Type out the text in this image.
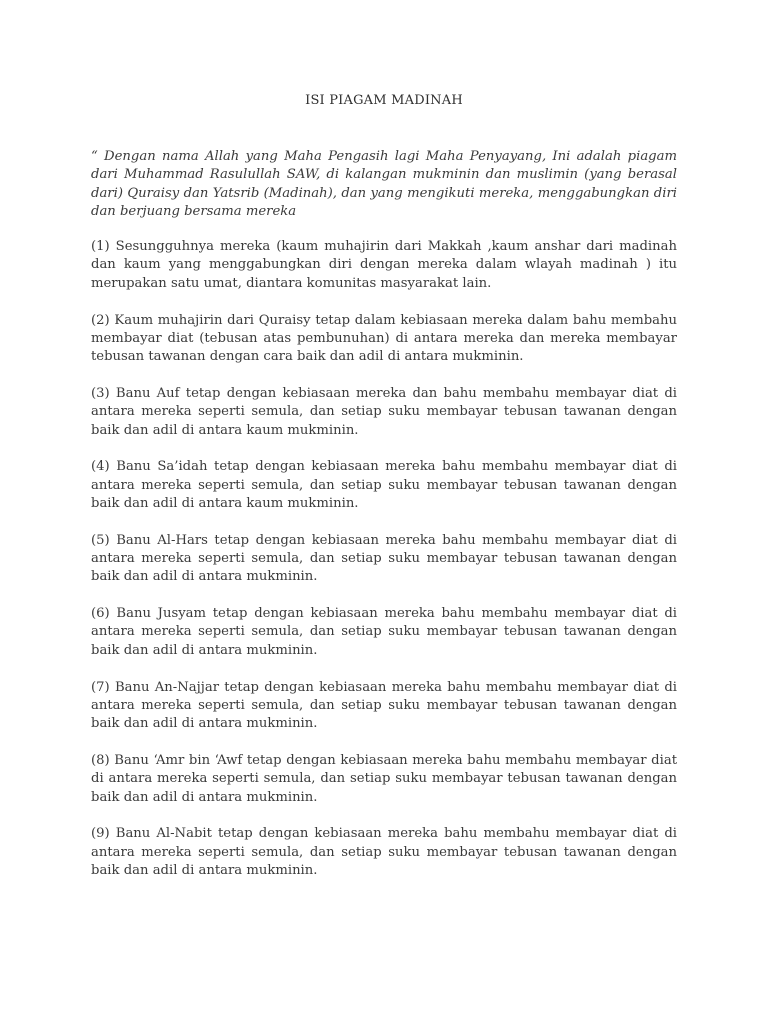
ISI PIAGAM MADINAH

“ Dengan nama Allah yang Maha Pengasih lagi Maha Penyayang, Ini adalah piagam dari Muhammad Rasulullah SAW, di kalangan mukminin dan muslimin (yang berasal dari) Quraisy dan Yatsrib (Madinah), dan yang mengikuti mereka, menggabungkan diri dan berjuang bersama mereka

(1) Sesungguhnya mereka (kaum muhajirin dari Makkah ,kaum anshar dari madinah dan kaum yang menggabungkan diri dengan mereka dalam wlayah madinah ) itu merupakan satu umat, diantara komunitas masyarakat lain.

(2) Kaum muhajirin dari Quraisy tetap dalam kebiasaan mereka dalam bahu membahu membayar diat (tebusan atas pembunuhan) di antara mereka dan mereka membayar tebusan tawanan dengan cara baik dan adil di antara mukminin.

(3) Banu Auf tetap dengan kebiasaan mereka dan bahu membahu membayar diat di antara mereka seperti semula, dan setiap suku membayar tebusan tawanan dengan baik dan adil di antara kaum mukminin.

(4) Banu Sa’idah tetap dengan kebiasaan mereka bahu membahu membayar diat di antara mereka seperti semula, dan setiap suku membayar tebusan tawanan dengan baik dan adil di antara kaum mukminin.

(5) Banu Al-Hars tetap dengan kebiasaan mereka bahu membahu membayar diat di antara mereka seperti semula, dan setiap suku membayar tebusan tawanan dengan baik dan adil di antara mukminin.

(6) Banu Jusyam tetap dengan kebiasaan mereka bahu membahu membayar diat di antara mereka seperti semula, dan setiap suku membayar tebusan tawanan dengan baik dan adil di antara mukminin.

(7) Banu An-Najjar tetap dengan kebiasaan mereka bahu membahu membayar diat di antara mereka seperti semula, dan setiap suku membayar tebusan tawanan dengan baik dan adil di antara mukminin.

(8) Banu ‘Amr bin ‘Awf tetap dengan kebiasaan mereka bahu membahu membayar diat di antara mereka seperti semula, dan setiap suku membayar tebusan tawanan dengan baik dan adil di antara mukminin.

(9) Banu Al-Nabit tetap dengan kebiasaan mereka bahu membahu membayar diat di antara mereka seperti semula, dan setiap suku membayar tebusan tawanan dengan baik dan adil di antara mukminin.
